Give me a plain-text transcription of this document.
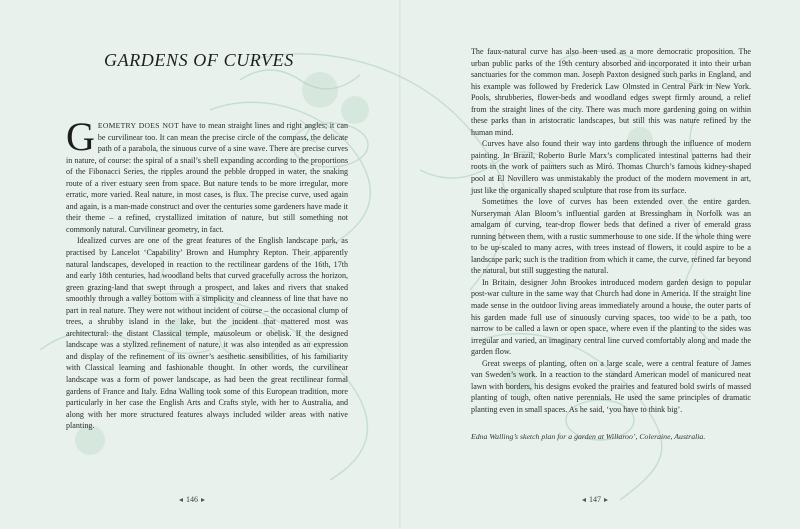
GARDENS OF CURVES

GEOMETRY DOES NOT have to mean straight lines and right angles; it can be curvilinear too. It can mean the precise circle of the compass, the delicate path of a parabola, the sinuous curve of a sine wave. There are precise curves in nature, of course: the spiral of a snail’s shell expanding according to the proportions of the Fibonacci Series, the ripples around the pebble dropped in water, the snaking route of a river estuary seen from space. But nature tends to be more irregular, more erratic, more varied. Real nature, in most cases, is flux. The precise curve, used again and again, is a man-made construct and over the centuries some gardeners have made it their theme – a refined, crystallized imitation of nature, but still something not commonly natural. Curvilinear geometry, in fact.

Idealized curves are one of the great features of the English landscape park, as practised by Lancelot ‘Capability’ Brown and Humphry Repton. Their apparently natural landscapes, developed in reaction to the rectilinear gardens of the 16th, 17th and early 18th centuries, had woodland belts that curved gracefully across the horizon, green grazing-land that swept through a prospect, and lakes and rivers that snaked smoothly through a valley bottom with a simplicity and cleanness of line that have no part in real nature. They were not without incident of course – the occasional clump of trees, a shrubby island in the lake, but the incident that mattered most was architectural: the distant Classical temple, mausoleum or obelisk. If the designed landscape was a stylized refinement of nature, it was also intended as an expression and display of the refinement of its owner’s aesthetic sensibilities, of his familiarity with Classical learning and fashionable thought. In other words, the curvilinear landscape was a form of power landscape, as had been the great rectilinear formal gardens of France and Italy. Edna Walling took some of this European tradition, more particularly in her case the English Arts and Crafts style, with her to Australia, and along with her more structured features always included wilder areas with native planting.

146

The faux-natural curve has also been used as a more democratic proposition. The urban public parks of the 19th century absorbed and incorporated it into their urban sanctuaries for the common man. Joseph Paxton designed such parks in England, and his example was followed by Frederick Law Olmsted in Central Park in New York. Pools, shrubberies, flower-beds and woodland edges swept firmly around, a relief from the straight lines of the city. There was much more gardening going on within these parks than in aristocratic landscapes, but still this was nature refined by the human mind.

Curves have also found their way into gardens through the influence of modern painting. In Brazil, Roberto Burle Marx’s complicated intestinal patterns had their roots in the work of painters such as Miró. Thomas Church’s famous kidney-shaped pool at El Novillero was unmistakably the product of the modern movement in art, just like the organically shaped sculpture that rose from its surface.

Sometimes the love of curves has been extended over the entire garden. Nurseryman Alan Bloom’s influential garden at Bressingham in Norfolk was an amalgam of curving, tear-drop flower beds that defined a river of emerald grass running between them, with a rustic summerhouse to one side. If the whole thing were to be up-scaled to many acres, with trees instead of flowers, it could aspire to be a landscape park; such is the tradition from which it came, the curve, refined far beyond the natural, but still suggesting the natural.

In Britain, designer John Brookes introduced modern garden design to popular post-war culture in the same way that Church had done in America. If the straight line made sense in the outdoor living areas immediately around a house, the outer parts of his garden made full use of sinuously curving spaces, too wide to be a path, too narrow to be called a lawn or open space, where even if the planting to the sides was irregular and varied, an imaginary central line curved comfortably along and made the garden flow.

Great sweeps of planting, often on a large scale, were a central feature of James van Sweden’s work. In a reaction to the standard American model of manicured neat lawn with borders, his designs evoked the prairies and featured bold swirls of massed planting of tough, often native perennials. He used the same principles of dramatic planting even in small spaces. As he said, ‘you have to think big’.

Edna Walling’s sketch plan for a garden at Willaroo’, Coleraine, Australia.
147
